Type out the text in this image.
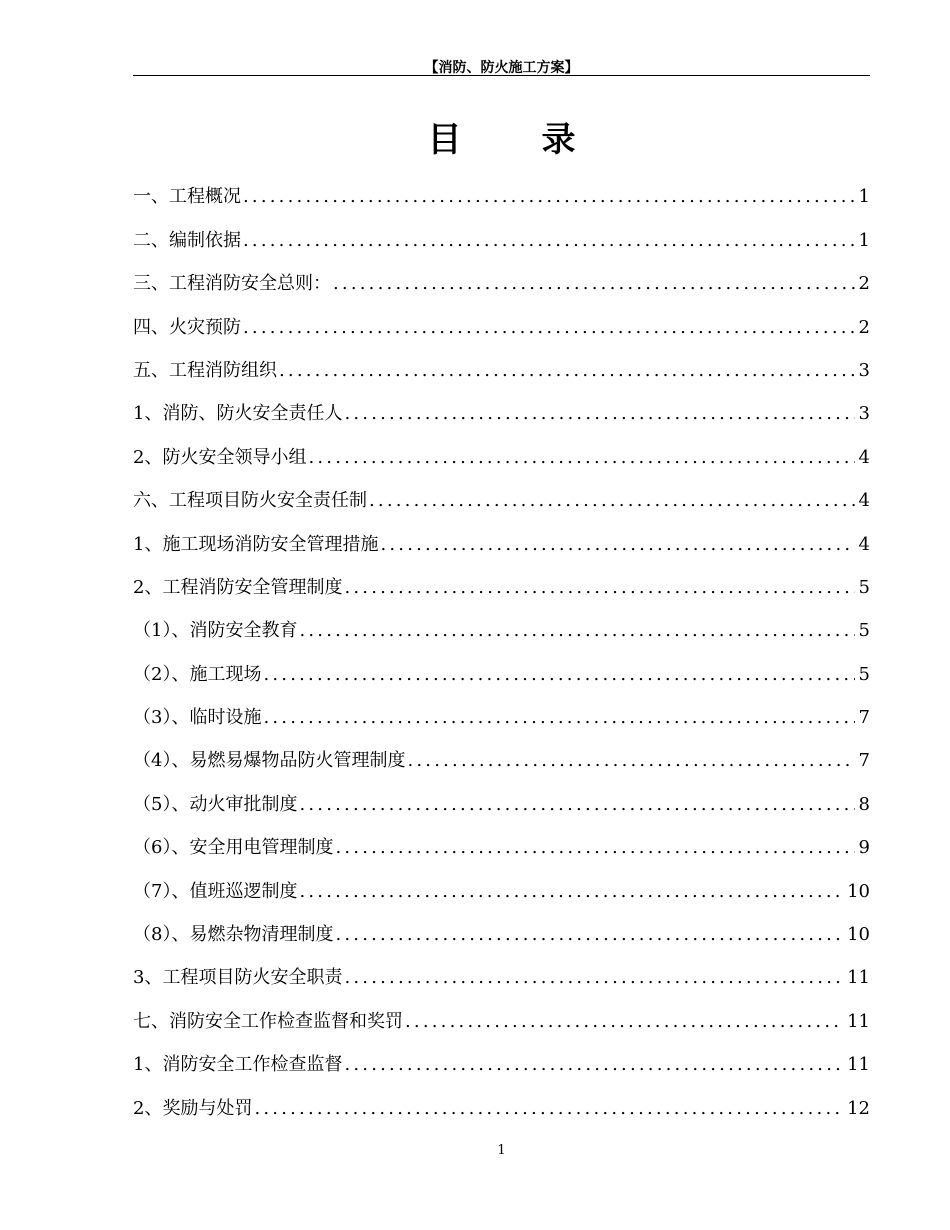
【消防、防火施工方案】
目录
一、工程概况 .....	1
二、编制依据 .....	1
三、工程消防安全总则： .....	2
四、火灾预防 .....	2
五、工程消防组织 .....	3
1、消防、防火安全责任人 .....	3
2、防火安全领导小组 .....	4
六、工程项目防火安全责任制 .....	4
1、施工现场消防安全管理措施 .....	4
2、工程消防安全管理制度 .....	5
（1）、消防安全教育 .....	5
（2）、施工现场 .....	5
（3）、临时设施 .....	7
（4）、易燃易爆物品防火管理制度 .....	7
（5）、动火审批制度 .....	8
（6）、安全用电管理制度 .....	9
（7）、值班巡逻制度 .....	10
（8）、易燃杂物清理制度 .....	10
3、工程项目防火安全职责 .....	11
七、消防安全工作检查监督和奖罚 .....	11
1、消防安全工作检查监督 .....	11
2、奖励与处罚 .....	12
1
